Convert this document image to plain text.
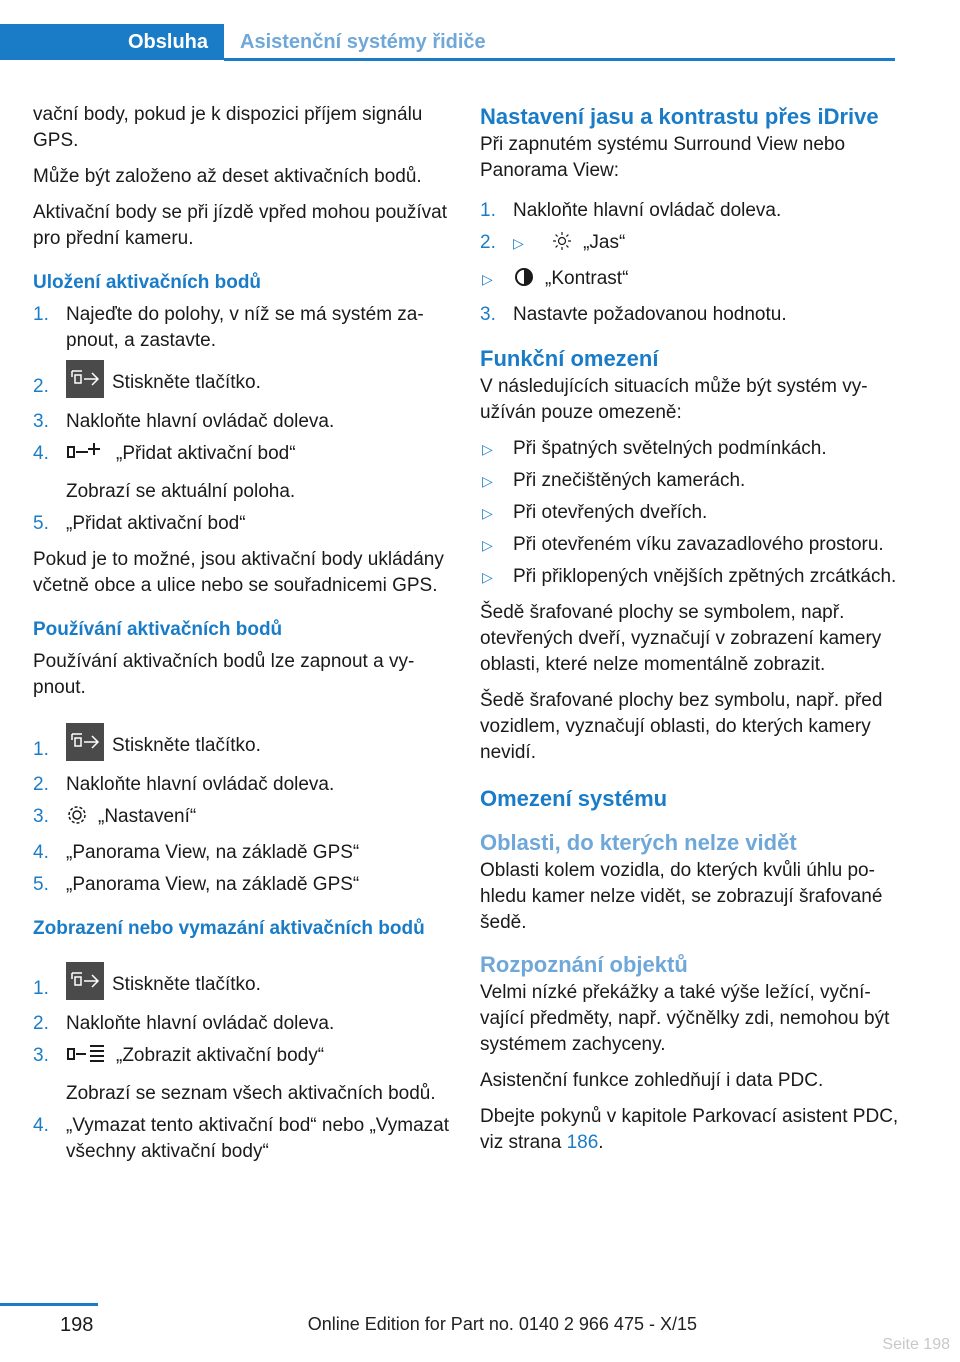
Obsluha	Asistenční systémy řidiče

vační body, pokud je k dispozici příjem signálu GPS.

Může být založeno až deset aktivačních bodů.

Aktivační body se při jízdě vpřed mohou používat pro přední kameru.

Uložení aktivačních bodů
1. Najeďte do polohy, v níž se má systém zapnout, a zastavte.
2.	Stiskněte tlačítko.
3. Nakloňte hlavní ovládač doleva.
4.	„Přidat aktivační bod“
Zobrazí se aktuální poloha.
5. „Přidat aktivační bod“

Pokud je to možné, jsou aktivační body ukládány včetně obce a ulice nebo se souřadnicemi GPS.

Používání aktivačních bodů

Používání aktivačních bodů lze zapnout a vypnout.

1.	Stiskněte tlačítko.
2. Nakloňte hlavní ovládač doleva.
3.	„Nastavení“
4. „Panorama View, na základě GPS“
5. „Panorama View, na základě GPS“
Zobrazení nebo vymazání aktivačních bodů
1.	Stiskněte tlačítko.
2. Nakloňte hlavní ovládač doleva.
3.	„Zobrazit aktivační body“
Zobrazí se seznam všech aktivačních bodů.
4. „Vymazat tento aktivační bod“ nebo „Vymazat všechny aktivační body“
Nastavení jasu a kontrastu přes iDrive

Při zapnutém systému Surround View nebo Panorama View:

1. Nakloňte hlavní ovládač doleva.
2. ▷	„Jas“
▷	„Kontrast“
3. Nastavte požadovanou hodnotu.
Funkční omezení

V následujících situacích může být systém využíván pouze omezeně:

▷ Při špatných světelných podmínkách.
▷ Při znečištěných kamerách.
▷ Při otevřených dveřích.
▷ Při otevřeném víku zavazadlového prostoru.
▷ Při přiklopených vnějších zpětných zrcátkách.

Šedě šrafované plochy se symbolem, např. otevřených dveří, vyznačují v zobrazení kamery oblasti, které nelze momentálně zobrazit.

Šedě šrafované plochy bez symbolu, např. před vozidlem, vyznačují oblasti, do kterých kamery nevidí.

Omezení systému
Oblasti, do kterých nelze vidět

Oblasti kolem vozidla, do kterých kvůli úhlu pohledu kamer nelze vidět, se zobrazují šrafované šedě.

Rozpoznání objektů

Velmi nízké překážky a také výše ležící, vyčnívající předměty, např. výčnělky zdi, nemohou být systémem zachyceny.

Asistenční funkce zohledňují i data PDC.

Dbejte pokynů v kapitole Parkovací asistent PDC, viz strana 186.

198	Online Edition for Part no. 0140 2 966 475 - X/15
Seite 198
